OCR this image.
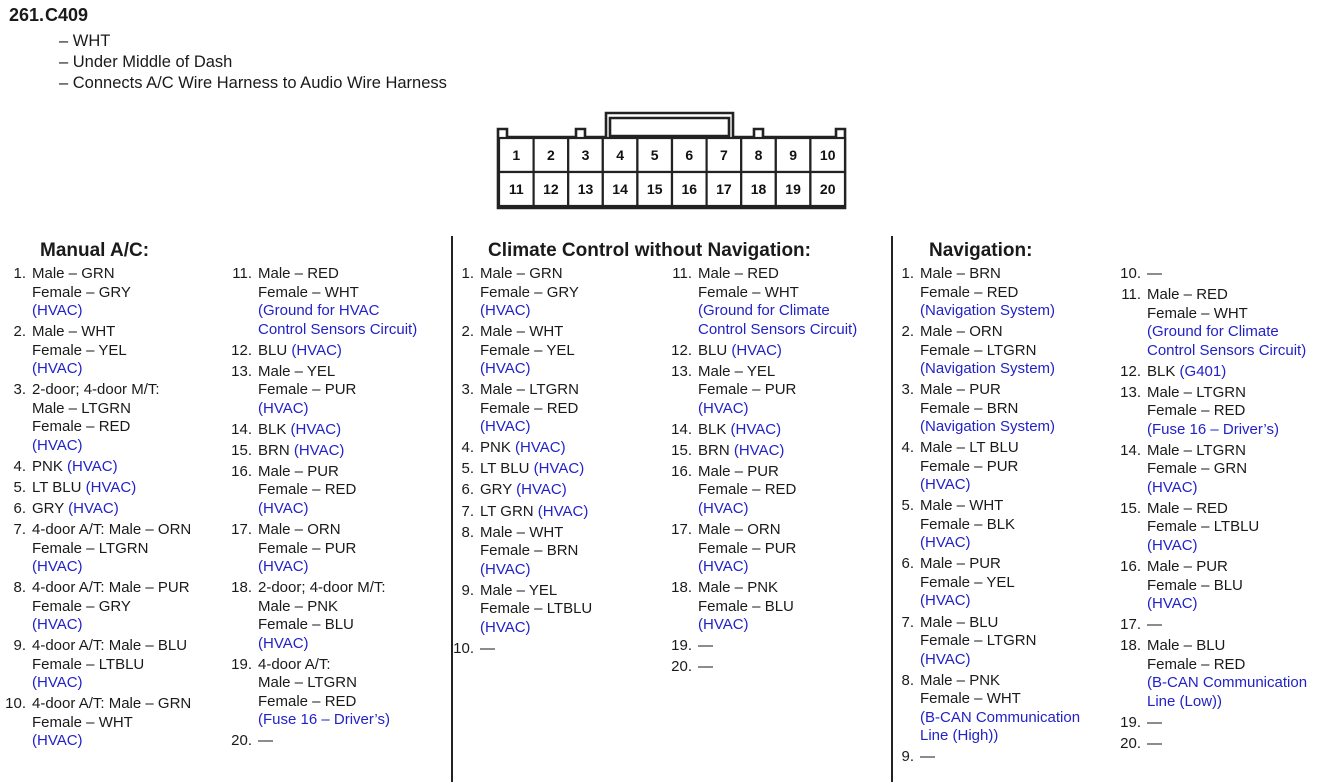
261.C409
– WHT
– Under Middle of Dash
– Connects A/C Wire Harness to Audio Wire Harness
1 2 3 4 5 6 7 8 9 10
11 12 13 14 15 16 17 18 19 20
Manual A/C:	Climate Control without Navigation:	Navigation:
1. Male – GRN
Female – GRY
(HVAC)
2. Male – WHT
Female – YEL
(HVAC)
3. 2-door; 4-door M/T:
Male – LTGRN
Female – RED
(HVAC)
4. PNK (HVAC)
5. LT BLU (HVAC)
6. GRY (HVAC)
7. 4-door A/T: Male – ORN
Female – LTGRN
(HVAC)
8. 4-door A/T: Male – PUR
Female – GRY
(HVAC)
9. 4-door A/T: Male – BLU
Female – LTBLU
(HVAC)
10. 4-door A/T: Male – GRN
Female – WHT
(HVAC)
11. Male – RED
Female – WHT
(Ground for HVAC
Control Sensors Circuit)
12. BLU (HVAC)
13. Male – YEL
Female – PUR
(HVAC)
14. BLK (HVAC)
15. BRN (HVAC)
16. Male – PUR
Female – RED
(HVAC)
17. Male – ORN
Female – PUR
(HVAC)
18. 2-door; 4-door M/T:
Male – PNK
Female – BLU
(HVAC)
19. 4-door A/T:
Male – LTGRN
Female – RED
(Fuse 16 – Driver’s)
20. —
1. Male – GRN
Female – GRY
(HVAC)
2. Male – WHT
Female – YEL
(HVAC)
3. Male – LTGRN
Female – RED
(HVAC)
4. PNK (HVAC)
5. LT BLU (HVAC)
6. GRY (HVAC)
7. LT GRN (HVAC)
8. Male – WHT
Female – BRN
(HVAC)
9. Male – YEL
Female – LTBLU
(HVAC)
10. —
11. Male – RED
Female – WHT
(Ground for Climate
Control Sensors Circuit)
12. BLU (HVAC)
13. Male – YEL
Female – PUR
(HVAC)
14. BLK (HVAC)
15. BRN (HVAC)
16. Male – PUR
Female – RED
(HVAC)
17. Male – ORN
Female – PUR
(HVAC)
18. Male – PNK
Female – BLU
(HVAC)
19. —
20. —
1. Male – BRN
Female – RED
(Navigation System)
2. Male – ORN
Female – LTGRN
(Navigation System)
3. Male – PUR
Female – BRN
(Navigation System)
4. Male – LT BLU
Female – PUR
(HVAC)
5. Male – WHT
Female – BLK
(HVAC)
6. Male – PUR
Female – YEL
(HVAC)
7. Male – BLU
Female – LTGRN
(HVAC)
8. Male – PNK
Female – WHT
(B-CAN Communication
Line (High))
9. —
10. —
11. Male – RED
Female – WHT
(Ground for Climate
Control Sensors Circuit)
12. BLK (G401)
13. Male – LTGRN
Female – RED
(Fuse 16 – Driver’s)
14. Male – LTGRN
Female – GRN
(HVAC)
15. Male – RED
Female – LTBLU
(HVAC)
16. Male – PUR
Female – BLU
(HVAC)
17. —
18. Male – BLU
Female – RED
(B-CAN Communication
Line (Low))
19. —
20. —
